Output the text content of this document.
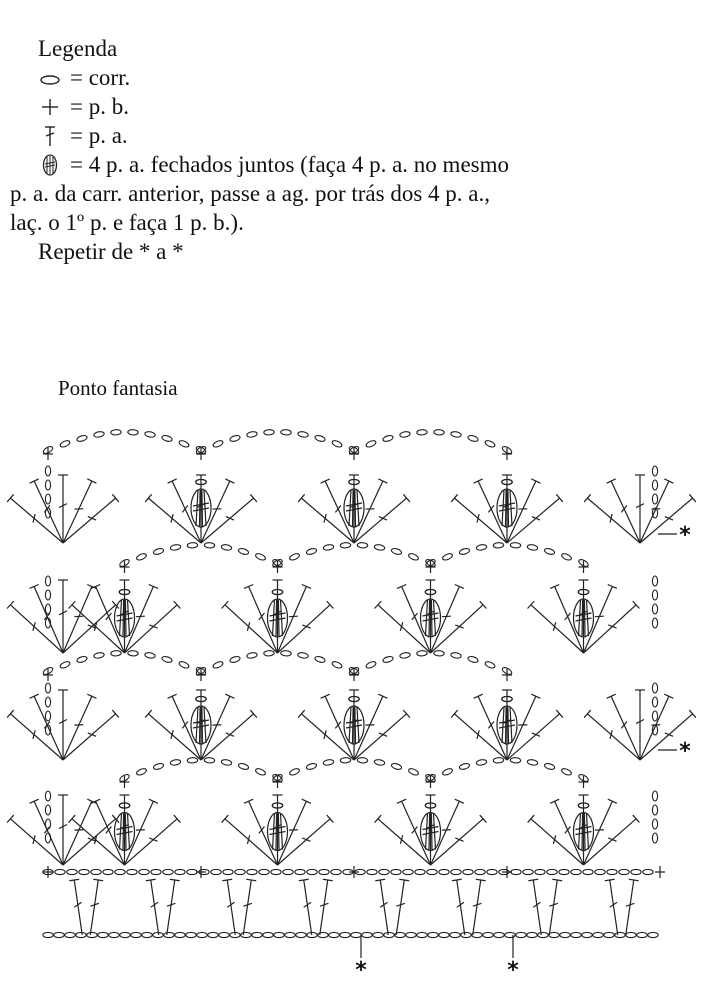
Legenda
= corr.
= p. b.
= p. a.
= 4 p. a. fechados juntos (faça 4 p. a. no mesmo
p. a. da carr. anterior, passe a ag. por trás dos 4 p. a.,
laç. o 1º p. e faça 1 p. b.).
Repetir de * a *
Ponto fantasia
*
*
*	*
